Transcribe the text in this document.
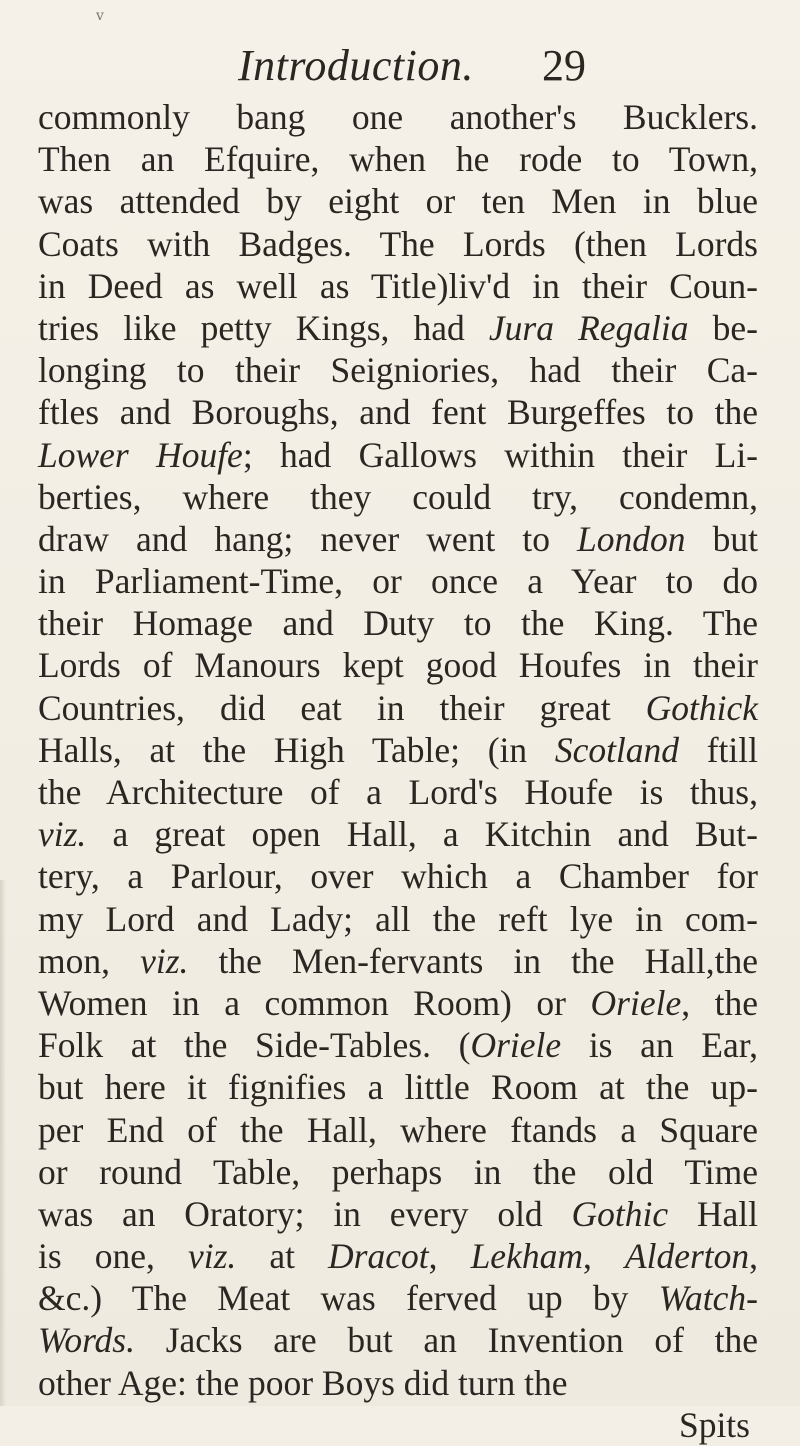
v
Introduction. 29
commonly bang one another's Bucklers.
Then an Efquire, when he rode to Town,
was attended by eight or ten Men in blue
Coats with Badges. The Lords (then Lords
in Deed as well as Title)liv'd in their Coun-
tries like petty Kings, had Jura Regalia be-
longing to their Seigniories, had their Ca-
ftles and Boroughs, and fent Burgeffes to the
Lower Houfe; had Gallows within their Li-
berties, where they could try, condemn,
draw and hang; never went to London but
in Parliament-Time, or once a Year to do
their Homage and Duty to the King. The
Lords of Manours kept good Houfes in their
Countries, did eat in their great Gothick
Halls, at the High Table; (in Scotland ftill
the Architecture of a Lord's Houfe is thus,
viz. a great open Hall, a Kitchin and But-
tery, a Parlour, over which a Chamber for
my Lord and Lady; all the reft lye in com-
mon, viz. the Men-fervants in the Hall,the
Women in a common Room) or Oriele, the
Folk at the Side-Tables. (Oriele is an Ear,
but here it fignifies a little Room at the up-
per End of the Hall, where ftands a Square
or round Table, perhaps in the old Time
was an Oratory; in every old Gothic Hall
is one, viz. at Dracot, Lekham, Alderton,
&c.) The Meat was ferved up by Watch-
Words. Jacks are but an Invention of the
other Age: the poor Boys did turn the
Spits
